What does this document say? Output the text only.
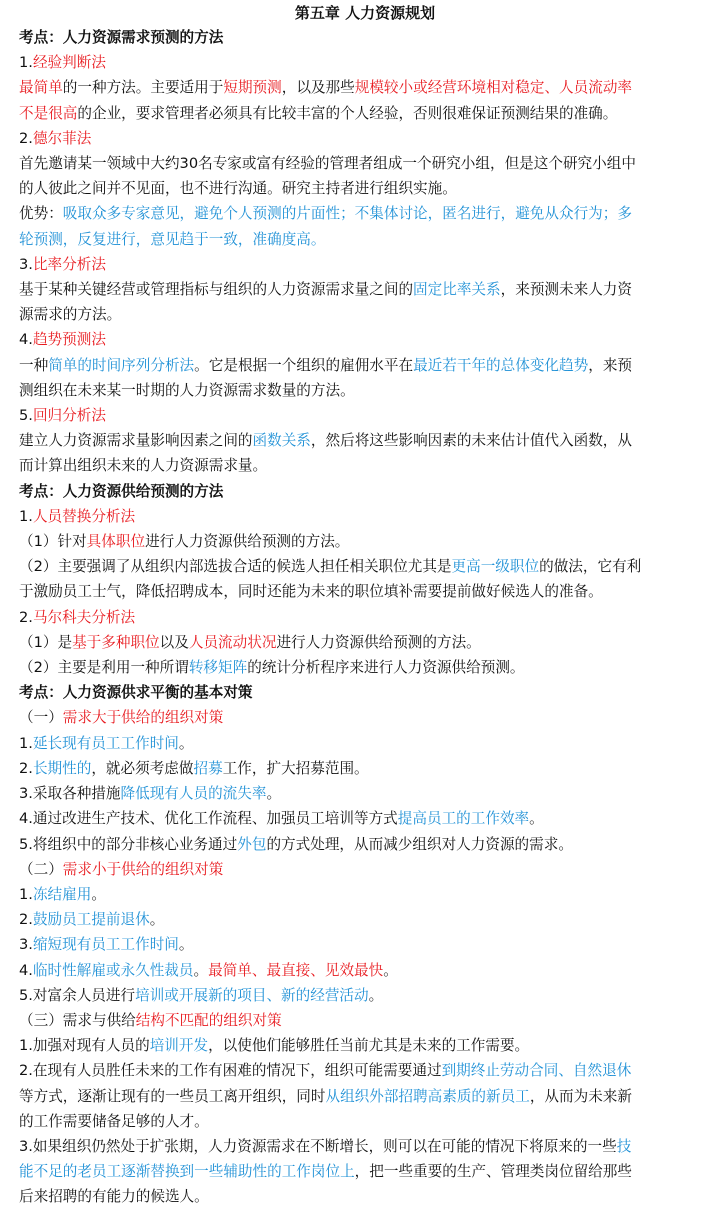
第五章 人力资源规划
考点：人力资源需求预测的方法
1.经验判断法
最简单的一种方法。主要适用于短期预测，以及那些规模较小或经营环境相对稳定、人员流动率
不是很高的企业，要求管理者必须具有比较丰富的个人经验，否则很难保证预测结果的准确。
2.德尔菲法
首先邀请某一领域中大约30名专家或富有经验的管理者组成一个研究小组，但是这个研究小组中
的人彼此之间并不见面，也不进行沟通。研究主持者进行组织实施。
优势：吸取众多专家意见，避免个人预测的片面性；不集体讨论，匿名进行，避免从众行为；多
轮预测，反复进行，意见趋于一致，准确度高。
3.比率分析法
基于某种关键经营或管理指标与组织的人力资源需求量之间的固定比率关系，来预测未来人力资
源需求的方法。
4.趋势预测法
一种简单的时间序列分析法。它是根据一个组织的雇佣水平在最近若干年的总体变化趋势，来预
测组织在未来某一时期的人力资源需求数量的方法。
5.回归分析法
建立人力资源需求量影响因素之间的函数关系，然后将这些影响因素的未来估计值代入函数，从
而计算出组织未来的人力资源需求量。
考点：人力资源供给预测的方法
1.人员替换分析法
（1）针对具体职位进行人力资源供给预测的方法。
（2）主要强调了从组织内部选拔合适的候选人担任相关职位尤其是更高一级职位的做法，它有利
于激励员工士气，降低招聘成本，同时还能为未来的职位填补需要提前做好候选人的准备。
2.马尔科夫分析法
（1）是基于多种职位以及人员流动状况进行人力资源供给预测的方法。
（2）主要是利用一种所谓转移矩阵的统计分析程序来进行人力资源供给预测。
考点：人力资源供求平衡的基本对策
（一）需求大于供给的组织对策
1.延长现有员工工作时间。
2.长期性的，就必须考虑做招募工作，扩大招募范围。
3.采取各种措施降低现有人员的流失率。
4.通过改进生产技术、优化工作流程、加强员工培训等方式提高员工的工作效率。
5.将组织中的部分非核心业务通过外包的方式处理，从而减少组织对人力资源的需求。
（二）需求小于供给的组织对策
1.冻结雇用。
2.鼓励员工提前退休。
3.缩短现有员工工作时间。
4.临时性解雇或永久性裁员。最简单、最直接、见效最快。
5.对富余人员进行培训或开展新的项目、新的经营活动。
（三）需求与供给结构不匹配的组织对策
1.加强对现有人员的培训开发，以使他们能够胜任当前尤其是未来的工作需要。
2.在现有人员胜任未来的工作有困难的情况下，组织可能需要通过到期终止劳动合同、自然退休
等方式，逐渐让现有的一些员工离开组织，同时从组织外部招聘高素质的新员工，从而为未来新
的工作需要储备足够的人才。
3.如果组织仍然处于扩张期，人力资源需求在不断增长，则可以在可能的情况下将原来的一些技
能不足的老员工逐渐替换到一些辅助性的工作岗位上，把一些重要的生产、管理类岗位留给那些
后来招聘的有能力的候选人。
